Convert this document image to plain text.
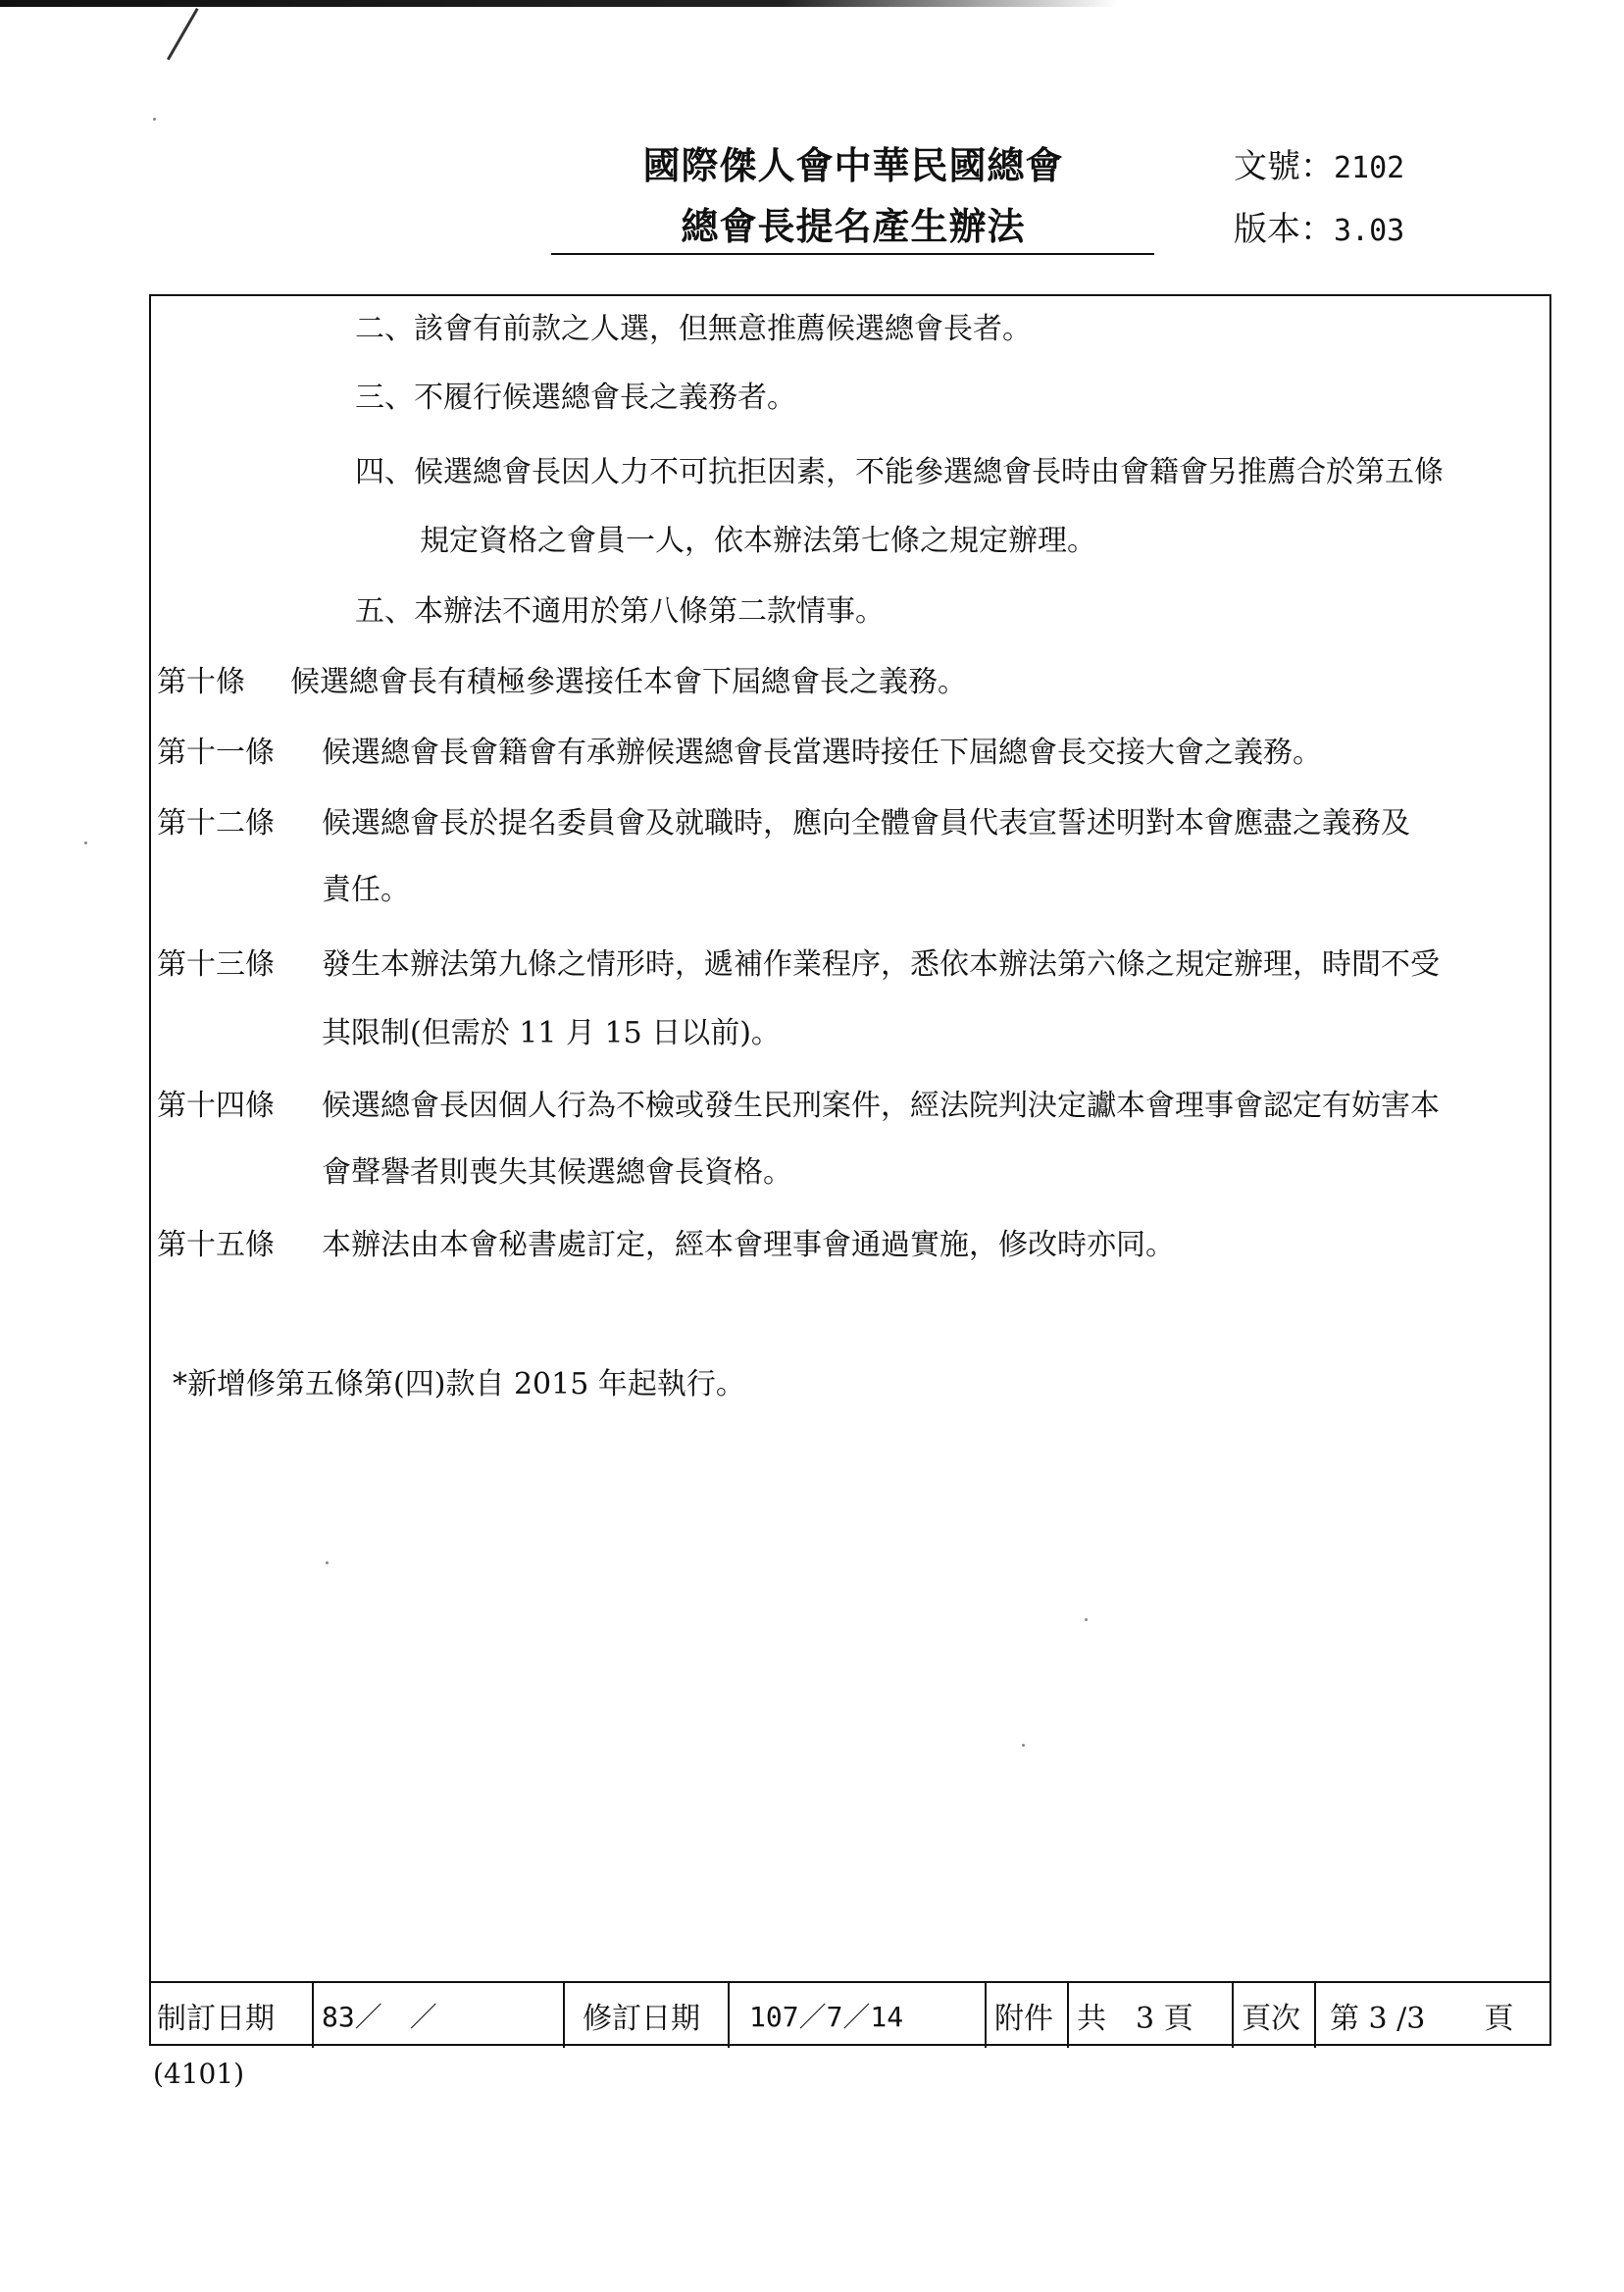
國際傑人會中華民國總會
總會長提名產生辦法
文號：2102
版本：3.03
二、該會有前款之人選，但無意推薦候選總會長者。
三、不履行候選總會長之義務者。
四、候選總會長因人力不可抗拒因素，不能參選總會長時由會籍會另推薦合於第五條
規定資格之會員一人，依本辦法第七條之規定辦理。
五、本辦法不適用於第八條第二款情事。
第十條 候選總會長有積極參選接任本會下屆總會長之義務。
第十一條 候選總會長會籍會有承辦候選總會長當選時接任下屆總會長交接大會之義務。
第十二條 候選總會長於提名委員會及就職時，應向全體會員代表宣誓述明對本會應盡之義務及
責任。
第十三條 發生本辦法第九條之情形時，遞補作業程序，悉依本辦法第六條之規定辦理，時間不受
其限制(但需於 11 月 15 日以前)。
第十四條 候選總會長因個人行為不檢或發生民刑案件，經法院判決定讞本會理事會認定有妨害本
會聲譽者則喪失其候選總會長資格。
第十五條 本辦法由本會秘書處訂定，經本會理事會通過實施，修改時亦同。
*新增修第五條第(四)款自 2015 年起執行。
制訂日期	83／　／	修訂日期	107／7／14	附件 共　3 頁	頁次	第 3 /3　　頁
(4101)
